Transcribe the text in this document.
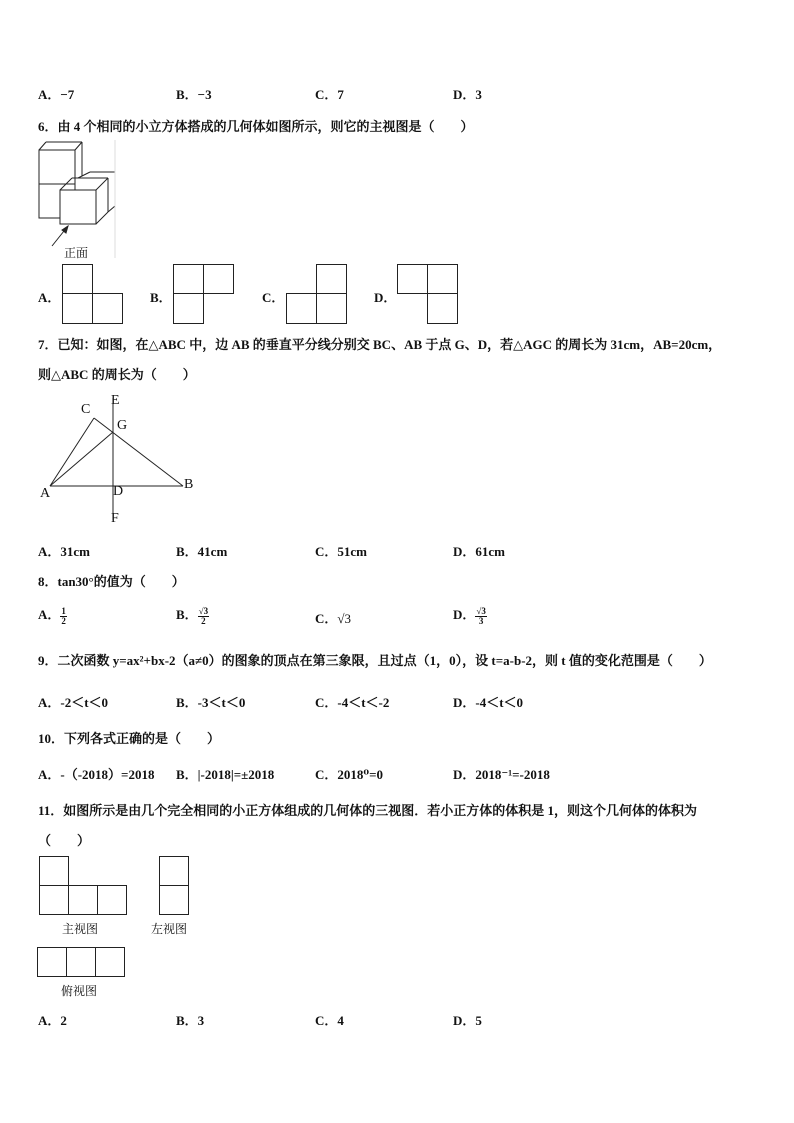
A．−7	B．−3	C．7	D．3
6．由 4 个相同的小立方体搭成的几何体如图所示，则它的主视图是（　　）
正面
A．	B．	C．	D．
7．已知：如图，在△ABC 中，边 AB 的垂直平分线分别交 BC、AB 于点 G、D，若△AGC 的周长为 31cm，AB=20cm，
则△ABC 的周长为（　　）
C
E
G
A	D	B
F
A．31cm	B．41cm	C．51cm	D．61cm
8．tan30°的值为（　　）
A． $\frac{1}{2}$	B． $\frac{√3}{2}$	C．√3	D． $\frac{√3}{3}$
9．二次函数 y=ax²+bx-2（a≠0）的图象的顶点在第三象限，且过点（1，0），设 t=a-b-2，则 t 值的变化范围是（　　）
A．-2＜t＜0	B．-3＜t＜0	C．-4＜t＜-2	D．-4＜t＜0
10．下列各式正确的是（　　）
A．-（-2018）=2018 B．|-2018|=±2018	C．2018⁰=0	D．2018⁻¹=-2018
11．如图所示是由几个完全相同的小正方体组成的几何体的三视图．若小正方体的体积是 1，则这个几何体的体积为
（　　）
主视图	左视图
俯视图
A．2	B．3	C．4	D．5
